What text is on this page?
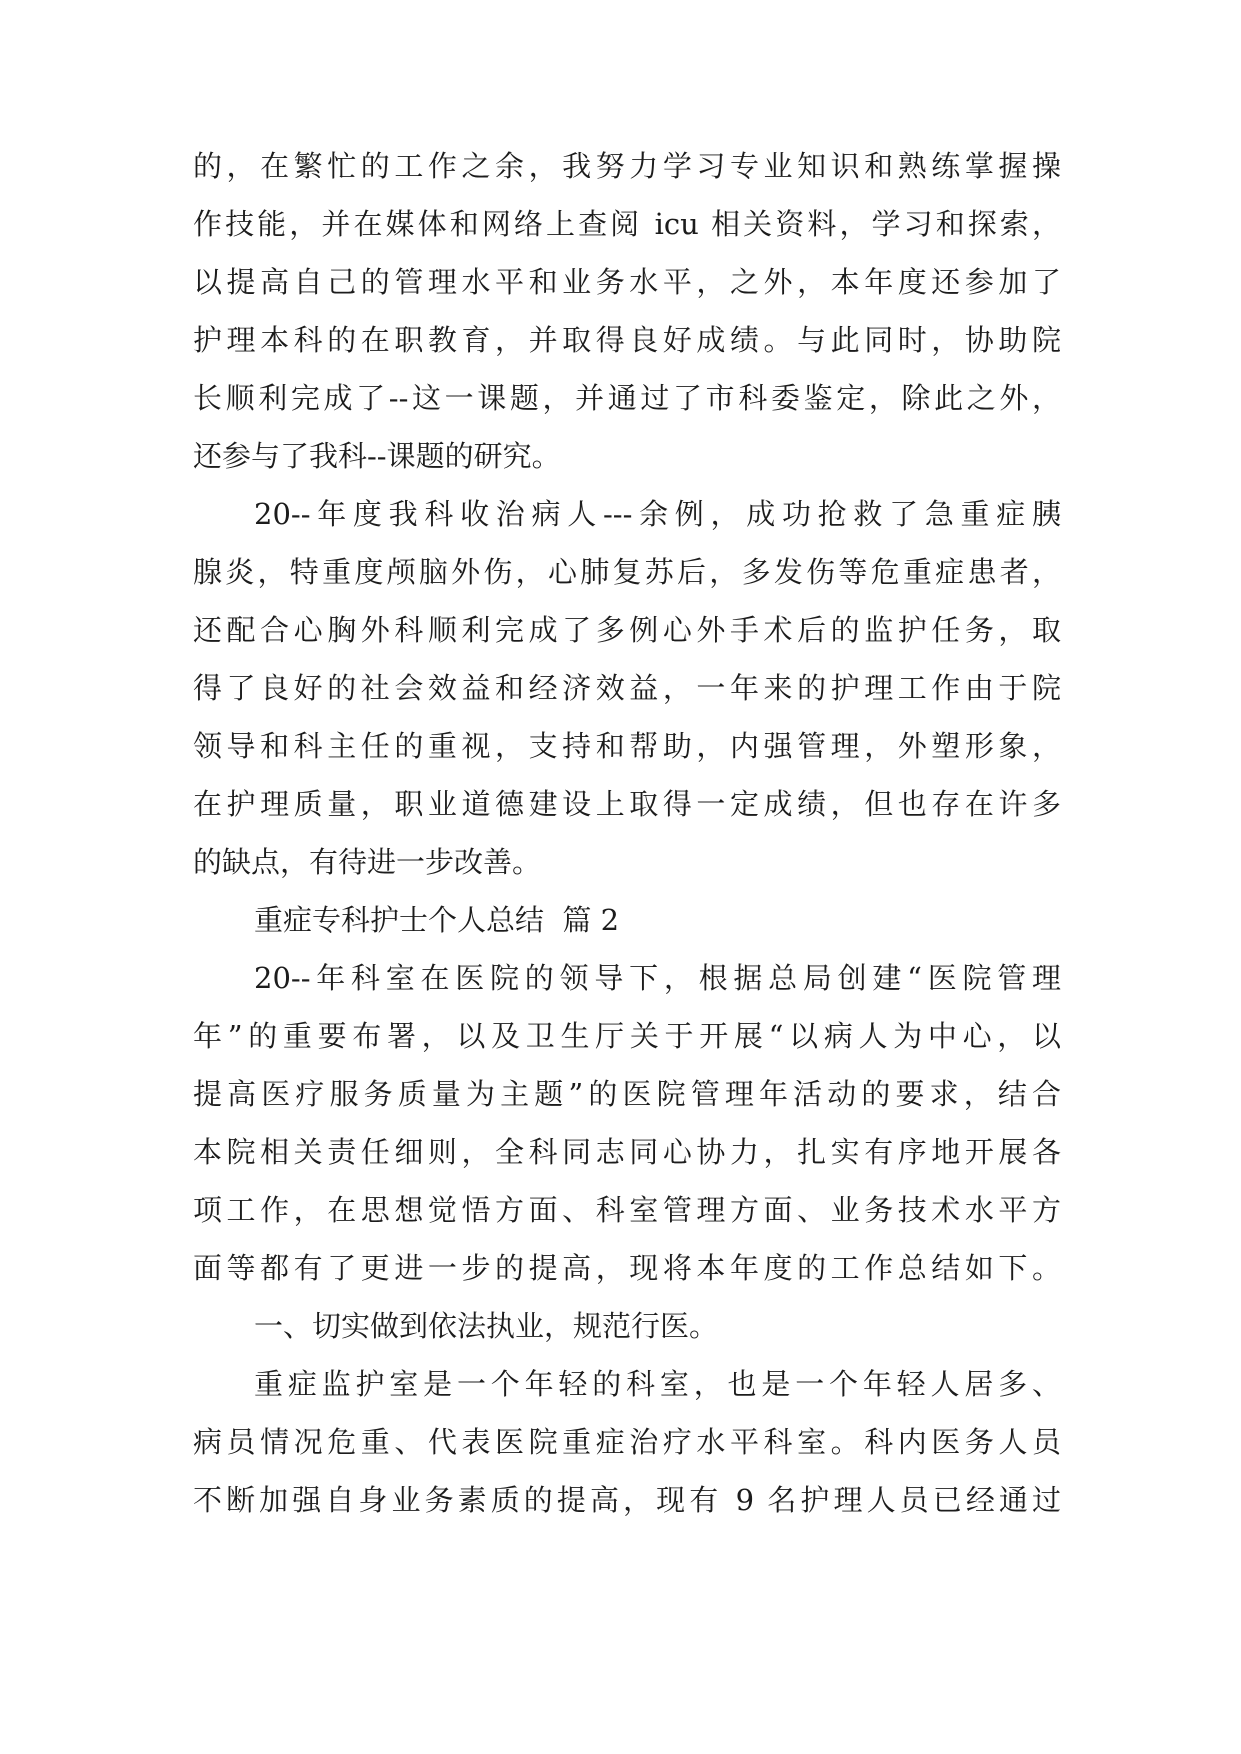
的，在繁忙的工作之余，我努力学习专业知识和熟练掌握操
作技能，并在媒体和网络上查阅 icu 相关资料，学习和探索，
以提高自己的管理水平和业务水平，之外，本年度还参加了
护理本科的在职教育，并取得良好成绩。与此同时，协助院
长顺利完成了--这一课题，并通过了市科委鉴定，除此之外，
还参与了我科--课题的研究。
20--年度我科收治病人---余例，成功抢救了急重症胰
腺炎，特重度颅脑外伤，心肺复苏后，多发伤等危重症患者，
还配合心胸外科顺利完成了多例心外手术后的监护任务，取
得了良好的社会效益和经济效益，一年来的护理工作由于院
领导和科主任的重视，支持和帮助，内强管理，外塑形象，
在护理质量，职业道德建设上取得一定成绩，但也存在许多
的缺点，有待进一步改善。
重症专科护士个人总结  篇 2
20--年科室在医院的领导下，根据总局创建“医院管理
年”的重要布署，以及卫生厅关于开展“以病人为中心，以
提高医疗服务质量为主题”的医院管理年活动的要求，结合
本院相关责任细则，全科同志同心协力，扎实有序地开展各
项工作，在思想觉悟方面、科室管理方面、业务技术水平方
面等都有了更进一步的提高，现将本年度的工作总结如下。
一、切实做到依法执业，规范行医。
重症监护室是一个年轻的科室，也是一个年轻人居多、
病员情况危重、代表医院重症治疗水平科室。科内医务人员
不断加强自身业务素质的提高，现有 9 名护理人员已经通过
